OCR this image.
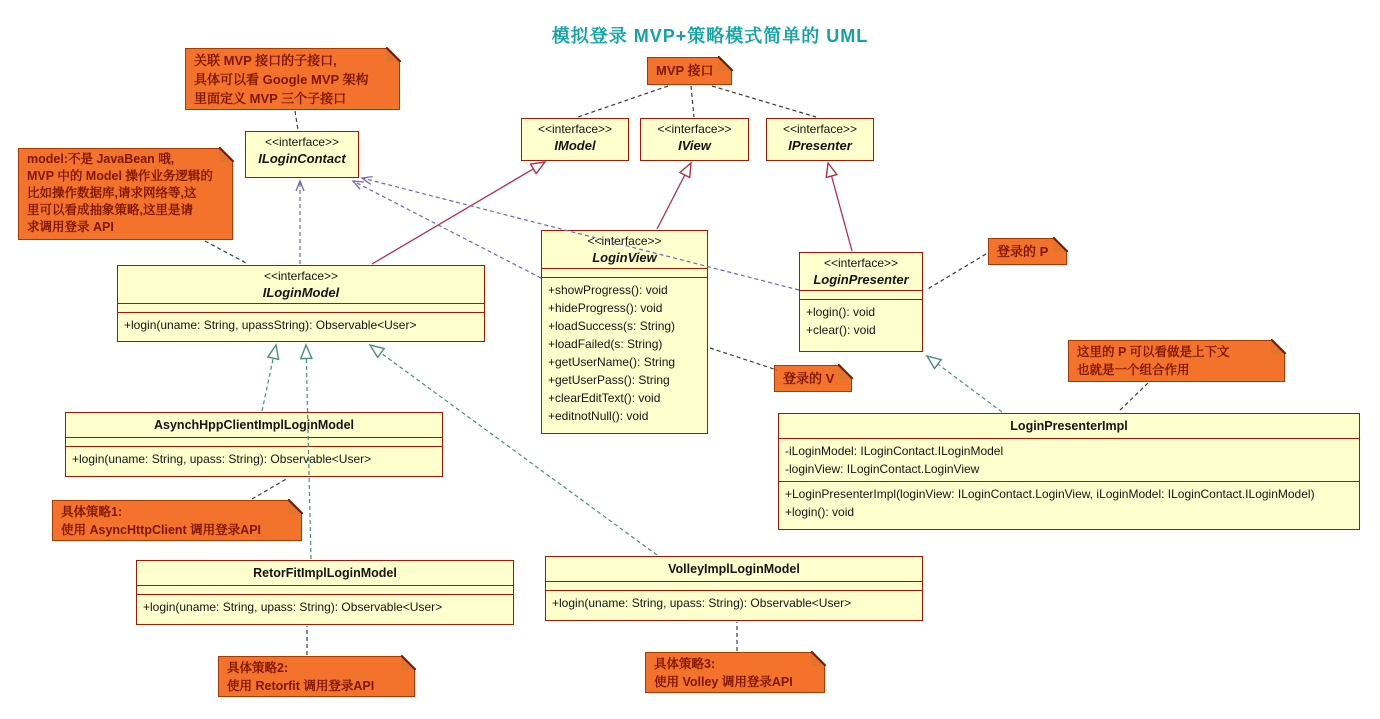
模拟登录 MVP+策略模式简单的 UML
关联 MVP 接口的子接口,
具体可以看 Google MVP 架构
里面定义 MVP 三个子接口
MVP 接口
model:不是 JavaBean 哦,
MVP 中的 Model 操作业务逻辑的
比如操作数据库,请求网络等,这
里可以看成抽象策略,这里是请
求调用登录 API
登录的 P
登录的 V
这里的 P 可以看做是上下文
也就是一个组合作用
具体策略1:
使用 AsyncHttpClient 调用登录API
具体策略2:
使用 Retorfit 调用登录API
具体策略3:
使用 Volley 调用登录API
<<interface>>
ILoginContact
<<interface>>
IModel
<<interface>>
IView
<<interface>>
IPresenter
<<interface>>
ILoginModel
+login(uname: String, upassString): Observable<User>
<<interface>>
LoginView
+showProgress(): void
+hideProgress(): void
+loadSuccess(s: String)
+loadFailed(s: String)
+getUserName(): String
+getUserPass(): String
+clearEditText(): void
+editnotNull(): void
<<interface>>
LoginPresenter
+login(): void
+clear(): void
AsynchHppClientImplLoginModel
+login(uname: String, upass: String): Observable<User>
RetorFitImplLoginModel
+login(uname: String, upass: String): Observable<User>
VolleyImplLoginModel
+login(uname: String, upass: String): Observable<User>
LoginPresenterImpl
-iLoginModel: ILoginContact.ILoginModel
-loginView: ILoginContact.LoginView
+LoginPresenterImpl(loginView: ILoginContact.LoginView, iLoginModel: ILoginContact.ILoginModel)
+login(): void
